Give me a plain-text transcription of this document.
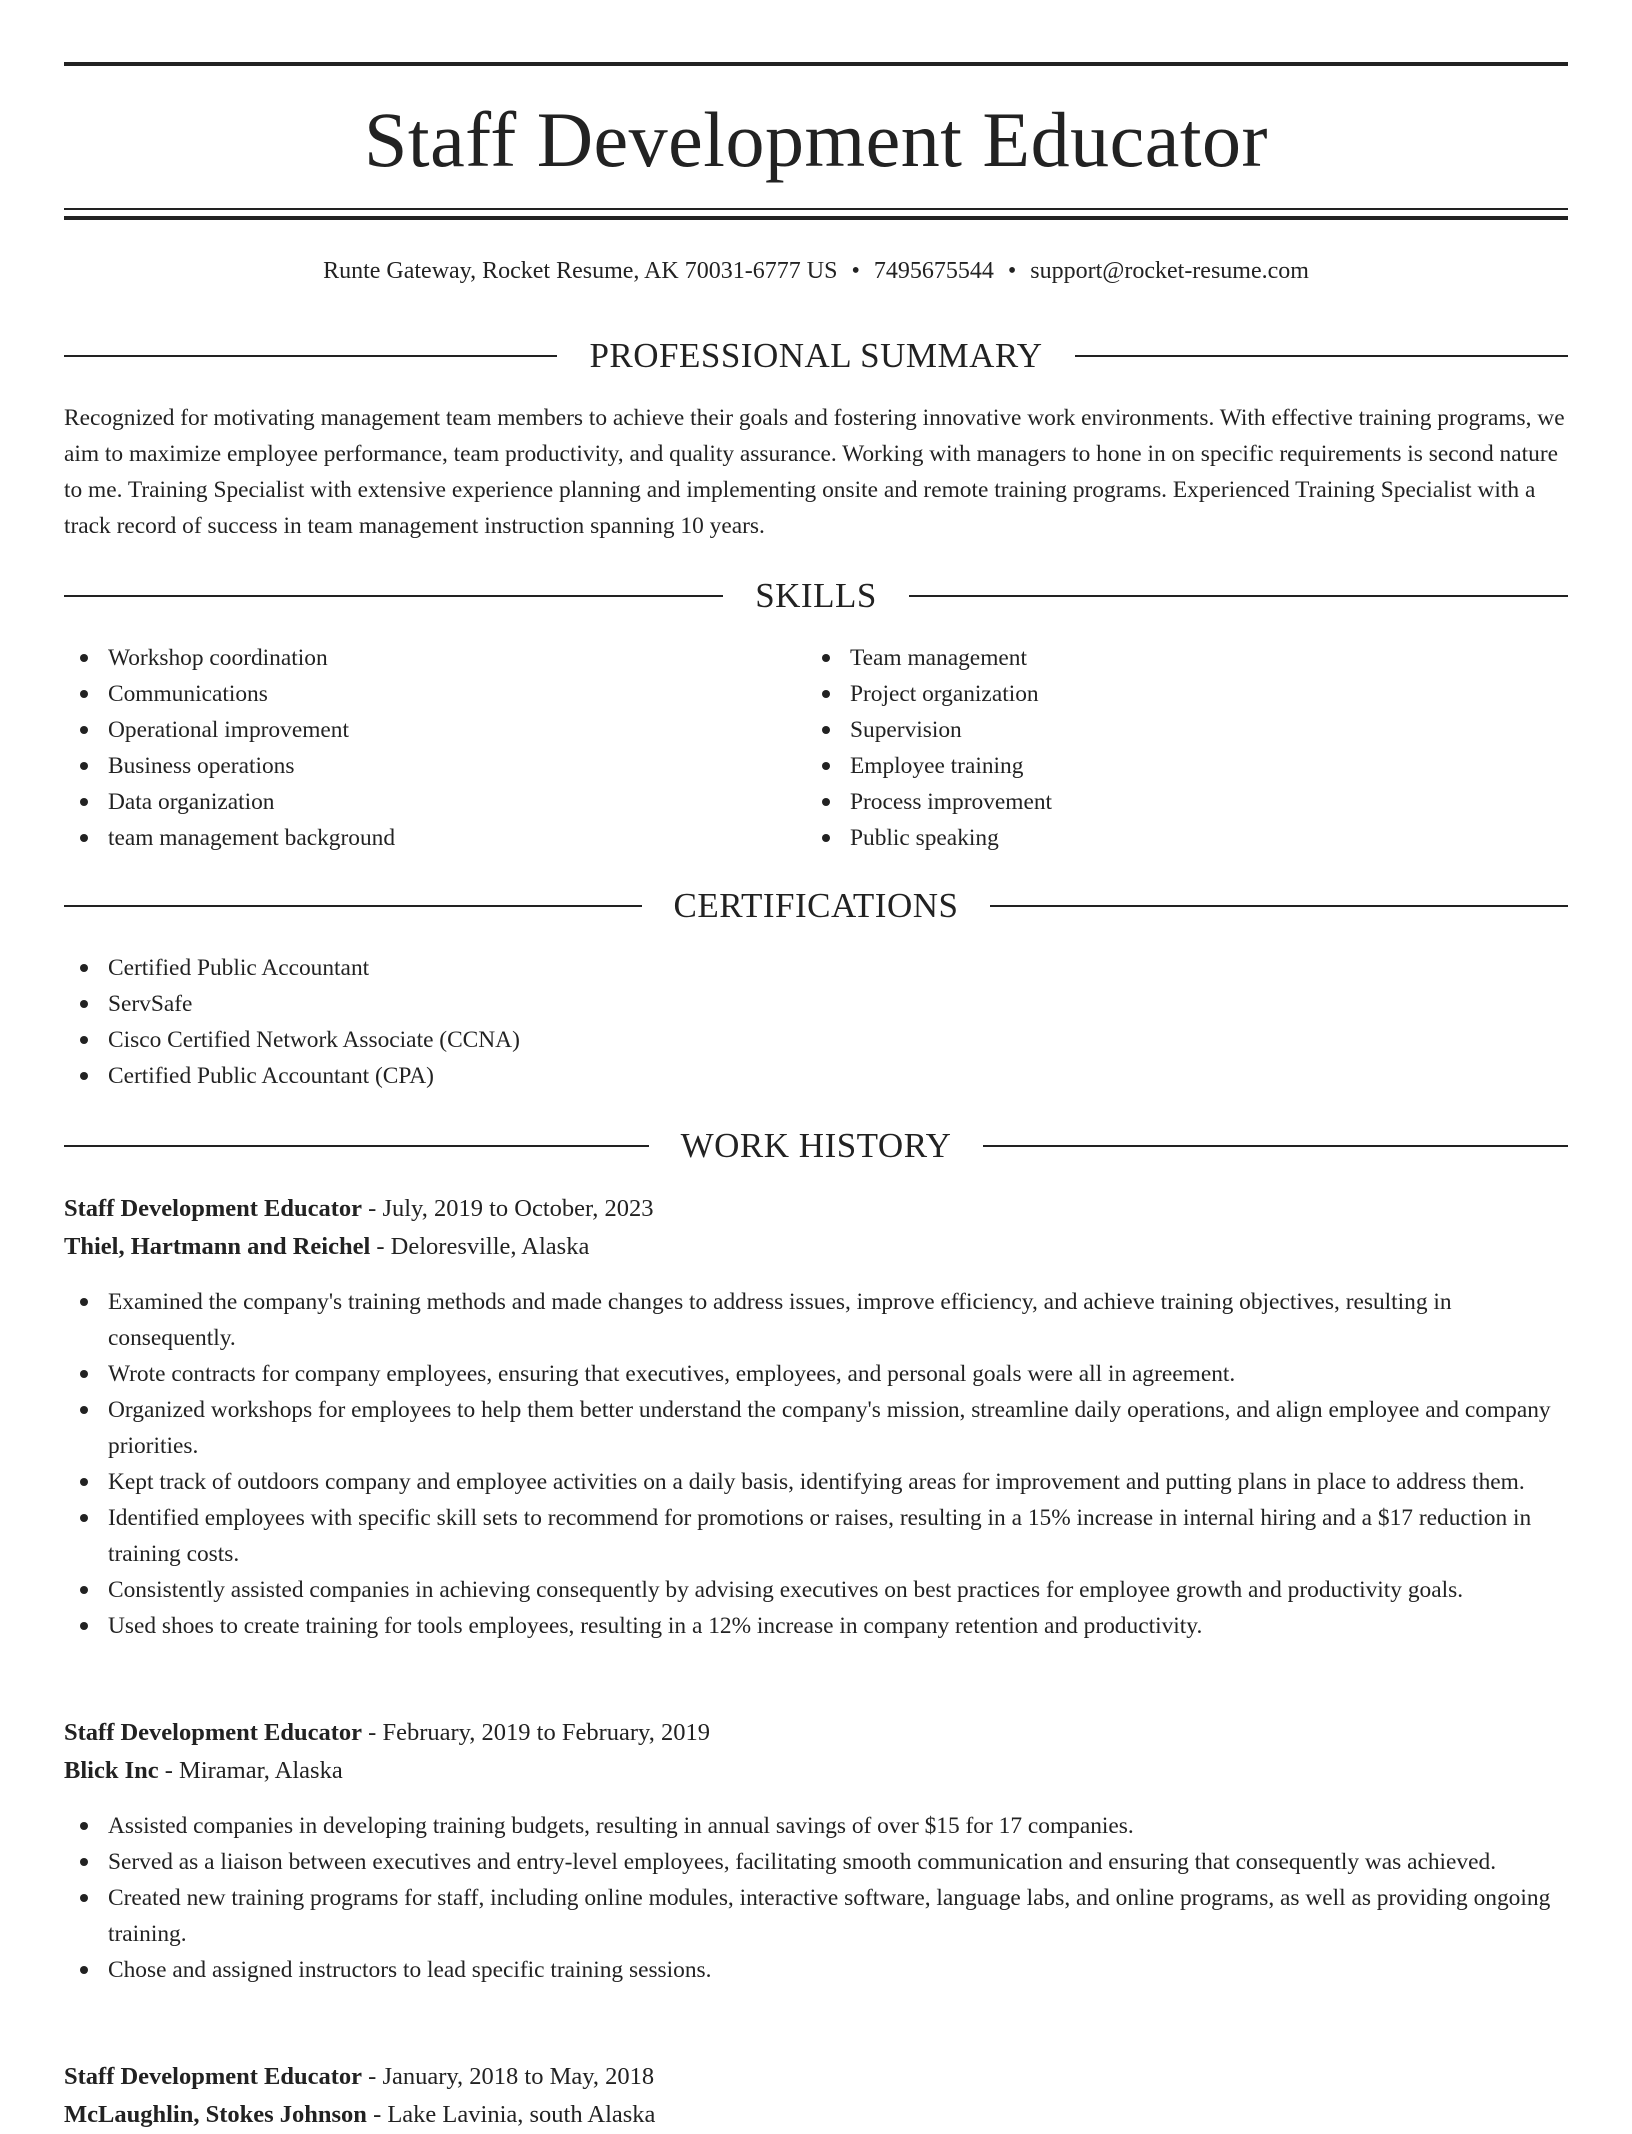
Staff Development Educator
Runte Gateway, Rocket Resume, AK 70031-6777 US • 7495675544 • support@rocket-resume.com
PROFESSIONAL SUMMARY

Recognized for motivating management team members to achieve their goals and fostering innovative work environments. With effective training programs, we aim to maximize employee performance, team productivity, and quality assurance. Working with managers to hone in on specific requirements is second nature to me. Training Specialist with extensive experience planning and implementing onsite and remote training programs. Experienced Training Specialist with a track record of success in team management instruction spanning 10 years.

SKILLS
Workshop coordination
Communications
Operational improvement
Business operations
Data organization
team management background
Team management
Project organization
Supervision
Employee training
Process improvement
Public speaking
CERTIFICATIONS
Certified Public Accountant
ServSafe
Cisco Certified Network Associate (CCNA)
Certified Public Accountant (CPA)
WORK HISTORY
Staff Development Educator - July, 2019 to October, 2023
Thiel, Hartmann and Reichel - Deloresville, Alaska
Examined the company's training methods and made changes to address issues, improve efficiency, and achieve training objectives, resulting in consequently.
Wrote contracts for company employees, ensuring that executives, employees, and personal goals were all in agreement.
Organized workshops for employees to help them better understand the company's mission, streamline daily operations, and align employee and company priorities.
Kept track of outdoors company and employee activities on a daily basis, identifying areas for improvement and putting plans in place to address them.
Identified employees with specific skill sets to recommend for promotions or raises, resulting in a 15% increase in internal hiring and a $17 reduction in training costs.
Consistently assisted companies in achieving consequently by advising executives on best practices for employee growth and productivity goals.
Used shoes to create training for tools employees, resulting in a 12% increase in company retention and productivity.
Staff Development Educator - February, 2019 to February, 2019
Blick Inc - Miramar, Alaska
Assisted companies in developing training budgets, resulting in annual savings of over $15 for 17 companies.
Served as a liaison between executives and entry-level employees, facilitating smooth communication and ensuring that consequently was achieved.
Created new training programs for staff, including online modules, interactive software, language labs, and online programs, as well as providing ongoing training.
Chose and assigned instructors to lead specific training sessions.
Staff Development Educator - January, 2018 to May, 2018
McLaughlin, Stokes Johnson - Lake Lavinia, south Alaska
